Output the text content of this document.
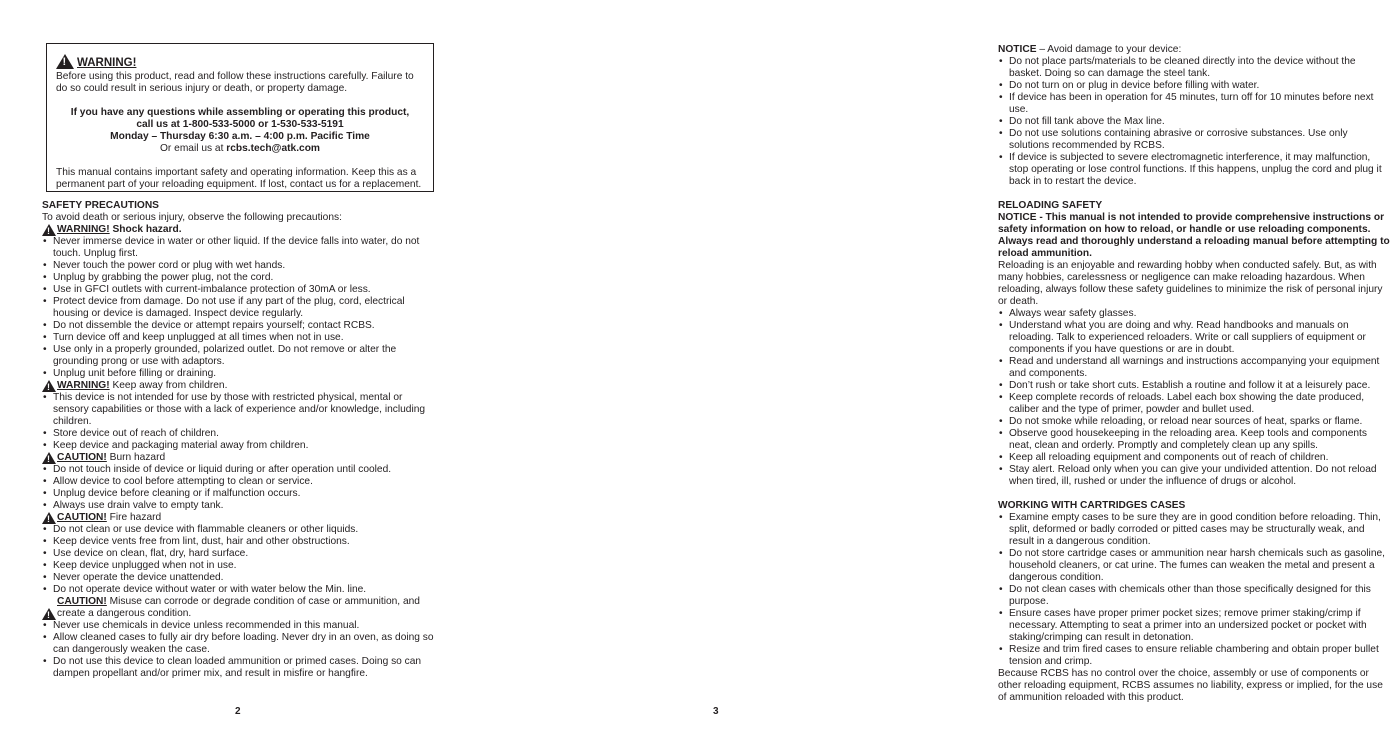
!
WARNING!
Before using this product, read and follow these instructions carefully. Failure to do so could result in serious injury or death, or property damage.
If you have any questions while assembling or operating this product,
call us at 1-800-533-5000 or 1-530-533-5191
Monday – Thursday 6:30 a.m. – 4:00 p.m. Pacific Time
Or email us at rcbs.tech@atk.com
This manual contains important safety and operating information. Keep this as a permanent part of your reloading equipment. If lost, contact us for a replacement.
SAFETY PRECAUTIONS
To avoid death or serious injury, observe the following precautions:
!
WARNING! Shock hazard.
• Never immerse device in water or other liquid. If the device falls into water, do not touch. Unplug first.
• Never touch the power cord or plug with wet hands.
• Unplug by grabbing the power plug, not the cord.
• Use in GFCI outlets with current-imbalance protection of 30mA or less.
• Protect device from damage. Do not use if any part of the plug, cord, electrical housing or device is damaged. Inspect device regularly.
• Do not dissemble the device or attempt repairs yourself; contact RCBS.
• Turn device off and keep unplugged at all times when not in use.
• Use only in a properly grounded, polarized outlet. Do not remove or alter the grounding prong or use with adaptors.
• Unplug unit before filling or draining.
!
WARNING! Keep away from children.
• This device is not intended for use by those with restricted physical, mental or sensory capabilities or those with a lack of experience and/or knowledge, including children.
• Store device out of reach of children.
• Keep device and packaging material away from children.
!
CAUTION! Burn hazard
• Do not touch inside of device or liquid during or after operation until cooled.
• Allow device to cool before attempting to clean or service.
• Unplug device before cleaning or if malfunction occurs.
• Always use drain valve to empty tank.
!
CAUTION! Fire hazard
• Do not clean or use device with flammable cleaners or other liquids.
• Keep device vents free from lint, dust, hair and other obstructions.
• Use device on clean, flat, dry, hard surface.
• Keep device unplugged when not in use.
• Never operate the device unattended.
• Do not operate device without water or with water below the Min. line.
!
CAUTION! Misuse can corrode or degrade condition of case or ammunition, and create a dangerous condition.
• Never use chemicals in device unless recommended in this manual.
• Allow cleaned cases to fully air dry before loading. Never dry in an oven, as doing so can dangerously weaken the case.
• Do not use this device to clean loaded ammunition or primed cases. Doing so can dampen propellant and/or primer mix, and result in misfire or hangfire.
2
NOTICE – Avoid damage to your device:
• Do not place parts/materials to be cleaned directly into the device without the basket. Doing so can damage the steel tank.
• Do not turn on or plug in device before filling with water.
• If device has been in operation for 45 minutes, turn off for 10 minutes before next use.
• Do not fill tank above the Max line.
• Do not use solutions containing abrasive or corrosive substances. Use only solutions recommended by RCBS.
• If device is subjected to severe electromagnetic interference, it may malfunction, stop operating or lose control functions. If this happens, unplug the cord and plug it back in to restart the device.
RELOADING SAFETY
NOTICE - This manual is not intended to provide comprehensive instructions or safety information on how to reload, or handle or use reloading components. Always read and thoroughly understand a reloading manual before attempting to reload ammunition.
Reloading is an enjoyable and rewarding hobby when conducted safely. But, as with many hobbies, carelessness or negligence can make reloading hazardous. When reloading, always follow these safety guidelines to minimize the risk of personal injury or death.
• Always wear safety glasses.
• Understand what you are doing and why. Read handbooks and manuals on reloading. Talk to experienced reloaders. Write or call suppliers of equipment or components if you have questions or are in doubt.
• Read and understand all warnings and instructions accompanying your equipment and components.
• Don’t rush or take short cuts. Establish a routine and follow it at a leisurely pace.
• Keep complete records of reloads. Label each box showing the date produced, caliber and the type of primer, powder and bullet used.
• Do not smoke while reloading, or reload near sources of heat, sparks or flame.
• Observe good housekeeping in the reloading area. Keep tools and components neat, clean and orderly. Promptly and completely clean up any spills.
• Keep all reloading equipment and components out of reach of children.
• Stay alert. Reload only when you can give your undivided attention. Do not reload when tired, ill, rushed or under the influence of drugs or alcohol.
WORKING WITH CARTRIDGES CASES
• Examine empty cases to be sure they are in good condition before reloading. Thin, split, deformed or badly corroded or pitted cases may be structurally weak, and result in a dangerous condition.
• Do not store cartridge cases or ammunition near harsh chemicals such as gasoline, household cleaners, or cat urine. The fumes can weaken the metal and present a dangerous condition.
• Do not clean cases with chemicals other than those specifically designed for this purpose.
• Ensure cases have proper primer pocket sizes; remove primer staking/crimp if necessary. Attempting to seat a primer into an undersized pocket or pocket with staking/crimping can result in detonation.
• Resize and trim fired cases to ensure reliable chambering and obtain proper bullet tension and crimp.
Because RCBS has no control over the choice, assembly or use of components or other reloading equipment, RCBS assumes no liability, express or implied, for the use of ammunition reloaded with this product.
3
